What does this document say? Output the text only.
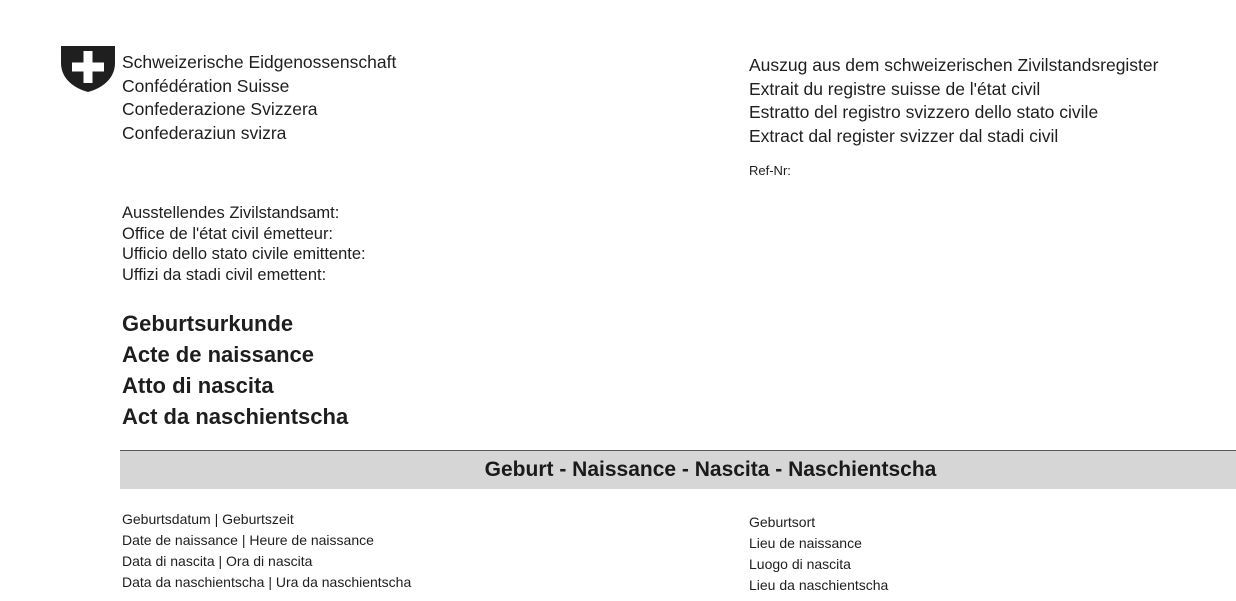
Schweizerische Eidgenossenschaft
Confédération Suisse
Confederazione Svizzera
Confederaziun svizra
Auszug aus dem schweizerischen Zivilstandsregister
Extrait du registre suisse de l'état civil
Estratto del registro svizzero dello stato civile
Extract dal register svizzer dal stadi civil
Ref-Nr:
Ausstellendes Zivilstandsamt:
Office de l'état civil émetteur:
Ufficio dello stato civile emittente:
Uffizi da stadi civil emettent:
Geburtsurkunde
Acte de naissance
Atto di nascita
Act da naschientscha
Geburt - Naissance - Nascita - Naschientscha
Geburtsdatum | Geburtszeit
Date de naissance | Heure de naissance
Data di nascita | Ora di nascita
Data da naschientscha | Ura da naschientscha
Geburtsort
Lieu de naissance
Luogo di nascita
Lieu da naschientscha
